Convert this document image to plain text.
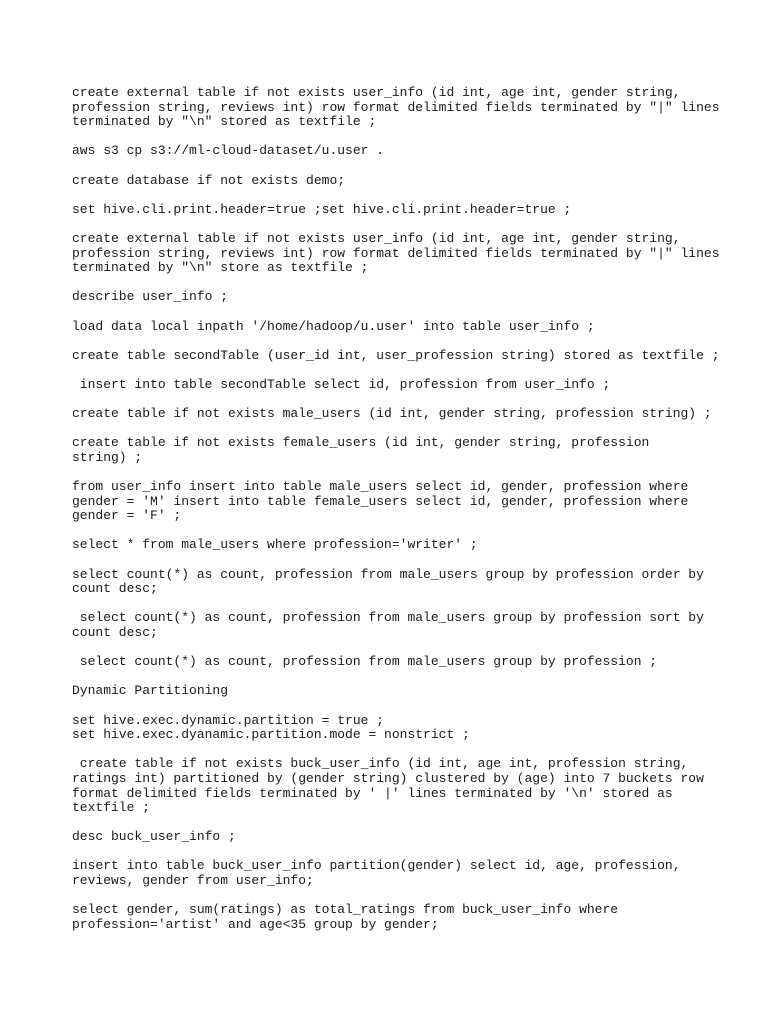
create external table if not exists user_info (id int, age int, gender string,
profession string, reviews int) row format delimited fields terminated by "|" lines
terminated by "\n" stored as textfile ;

aws s3 cp s3://ml-cloud-dataset/u.user .

create database if not exists demo;

set hive.cli.print.header=true ;set hive.cli.print.header=true ;

create external table if not exists user_info (id int, age int, gender string,
profession string, reviews int) row format delimited fields terminated by "|" lines
terminated by "\n" store as textfile ;

describe user_info ;

load data local inpath '/home/hadoop/u.user' into table user_info ;

create table secondTable (user_id int, user_profession string) stored as textfile ;

insert into table secondTable select id, profession from user_info ;

create table if not exists male_users (id int, gender string, profession string) ;

create table if not exists female_users (id int, gender string, profession
string) ;

from user_info insert into table male_users select id, gender, profession where
gender = 'M' insert into table female_users select id, gender, profession where
gender = 'F' ;

select * from male_users where profession='writer' ;

select count(*) as count, profession from male_users group by profession order by
count desc;

select count(*) as count, profession from male_users group by profession sort by
count desc;

select count(*) as count, profession from male_users group by profession ;

Dynamic Partitioning

set hive.exec.dynamic.partition = true ;
set hive.exec.dyanamic.partition.mode = nonstrict ;

create table if not exists buck_user_info (id int, age int, profession string,
ratings int) partitioned by (gender string) clustered by (age) into 7 buckets row
format delimited fields terminated by ' |' lines terminated by '\n' stored as
textfile ;

desc buck_user_info ;

insert into table buck_user_info partition(gender) select id, age, profession,
reviews, gender from user_info;

select gender, sum(ratings) as total_ratings from buck_user_info where
profession='artist' and age<35 group by gender;
